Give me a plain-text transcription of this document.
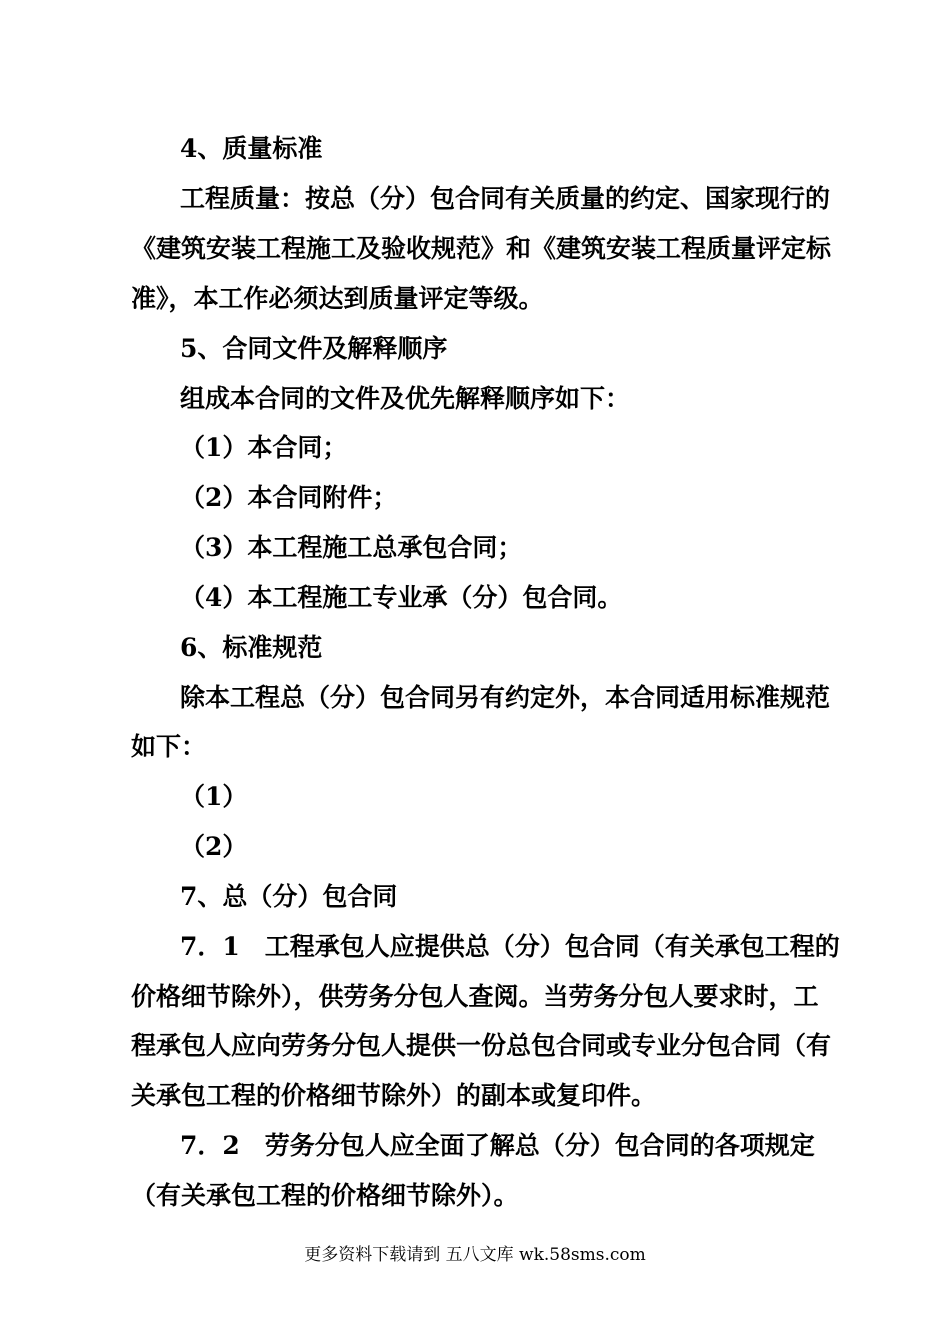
4、质量标准
工程质量：按总（分）包合同有关质量的约定、国家现行的
《建筑安装工程施工及验收规范》和《建筑安装工程质量评定标
准》，本工作必须达到质量评定等级。
5、合同文件及解释顺序
组成本合同的文件及优先解释顺序如下：
（1）本合同；
（2）本合同附件；
（3）本工程施工总承包合同；
（4）本工程施工专业承（分）包合同。
6、标准规范
除本工程总（分）包合同另有约定外，本合同适用标准规范
如下：
（1）
（2）
7、总（分）包合同
7．1　工程承包人应提供总（分）包合同（有关承包工程的
价格细节除外），供劳务分包人查阅。当劳务分包人要求时，工
程承包人应向劳务分包人提供一份总包合同或专业分包合同（有
关承包工程的价格细节除外）的副本或复印件。
7．2　劳务分包人应全面了解总（分）包合同的各项规定
（有关承包工程的价格细节除外）。
更多资料下载请到 五八文库 wk.58sms.com
